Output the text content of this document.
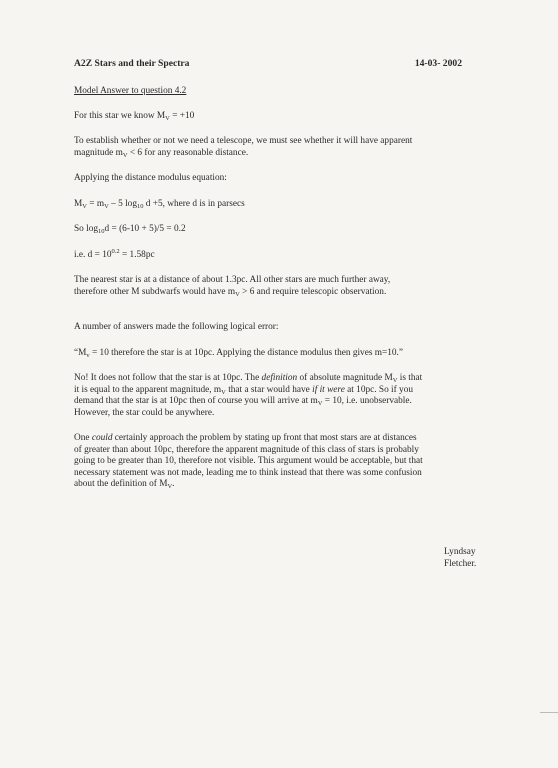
A2Z Stars and their Spectra	14-03- 2002

Model Answer to question 4.2

For this star we know $M_V = +10$

To establish whether or not we need a telescope, we must see whether it will have apparent
magnitude $m_V < 6$ for any reasonable distance.

Applying the distance modulus equation:

$M_V = m_V - 5$ $\log_{10} d +5$, where d is in parsecs

So $\log_{10}d = (6-10 + 5)/5 = 0.2$

i.e. $d = 10^{0.2} = 1.58pc$

The nearest star is at a distance of about 1.3pc. All other stars are much further away,
therefore other M subdwarfs would have $m_V > 6$ and require telescopic observation.

A number of answers made the following logical error:

“$M_v = 10$ therefore the star is at 10pc. Applying the distance modulus then gives m=10.”

No! It does not follow that the star is at 10pc. The definition of absolute magnitude $M_V$ is that
it is equal to the apparent magnitude, $m_V$ that a star would have if it were at 10pc. So if you
demand that the star is at 10pc then of course you will arrive at $m_V = 10$, i.e. unobservable.
However, the star could be anywhere.

One could certainly approach the problem by stating up front that most stars are at distances
of greater than about 10pc, therefore the apparent magnitude of this class of stars is probably
going to be greater than 10, therefore not visible. This argument would be acceptable, but that
necessary statement was not made, leading me to think instead that there was some confusion
about the definition of $M_V$.

Lyndsay Fletcher.
